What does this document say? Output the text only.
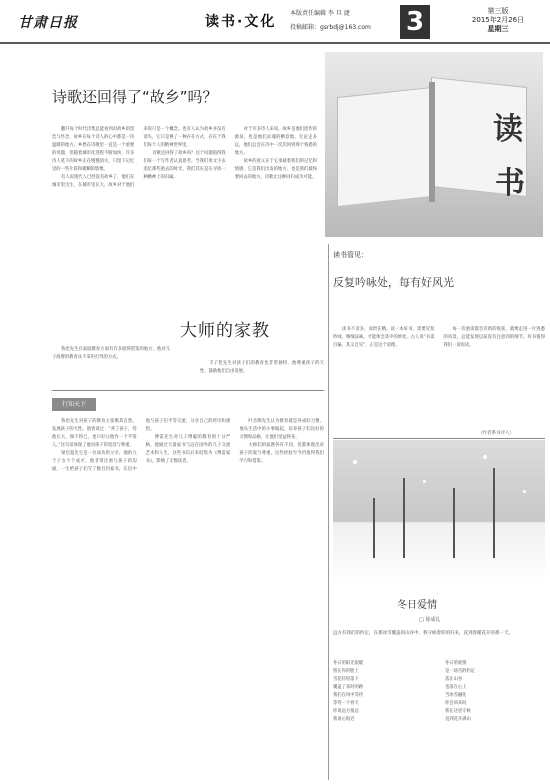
甘肃日报	读书·文化
本版责任编辑 李 旦 捷
投稿邮箱：gsrbdj@163.com 3	第三版
2015年2月26日
星期三
诗歌还回得了“故乡”吗？

翻开每个时代诗集总能看到对故乡的留恋与怀念，故乡在每个诗人的心中都是一块温暖的地方。乡愁在诗歌里一直是一个重要的母题，但随着城市化进程不断加快，许多诗人笔下的故乡正在慢慢消失，只留下记忆里的一些片段和模糊的影像。

有人说现代人已经没有故乡了，他们在城市里出生，在城市里长大，故乡对于他们来说只是一个概念。也有人认为故乡并没有消失，它只是换了一种存在方式，存在于我们每个人的精神世界里。

诗歌还回得了故乡吗？这个问题值得我们每一个写作者认真思考。当我们用文字去追忆那些逝去的时光，我们其实是在寻找一种精神上的归属。

对于许多诗人来说，故乡是他们创作的源泉，也是他们灵魂的栖息地。无论走多远，他们总会在诗中一次次回到那个熟悉的地方。

故乡的意义在于它承载着我们的记忆和情感，它是我们出发的地方，也是我们最终要回去的地方。诗歌让这种回归成为可能。

读
书
读书管见：
反复吟咏处，每有好风光

读书不贪多，而贵在精。读一本好书，需要反复吟咏，细细品味，才能体会其中的妙处。古人说“书读百遍，其义自见”，正是这个道理。

每一次重读都会有新的收获，就像走进一片熟悉的风景，总能发现以前没有注意到的细节。好书值得我们一读再读。

（作者系书评人）

鲁迅先生在家庭教育方面有许多值得借鉴的地方，他对儿子海婴的教育从不采用打骂的方式。

大师的家教

丰子恺先生对孩子们的教育也非常独特，他尊重孩子的天性，鼓励他们自由发展。

行知天下

鲁迅先生对孩子的教育主张顺其自然，发展孩子的天性。他曾说过：“养了孩子，待他长大，倘不得已，也只好让他作一个平常人。”这句话体现了他对孩子的宽容与尊重。

梁启超先生是一位成功的父亲，他的九个子女个个成才。他非常注重与孩子的沟通，一生给孩子们写了数百封家书，在信中他与孩子们平等交流，分享自己的经历和感悟。

傅雷先生对儿子傅聪的教育则十分严格，他通过大量家书与远在国外的儿子交流艺术和人生，这些书信后来结集为《傅雷家书》，影响了无数读者。

叶圣陶先生认为教育就是养成好习惯，他从生活中的小事做起，培养孩子们良好的习惯和品格，让他们受益终身。

大师们的家教各有不同，但都体现出对孩子的爱与尊重，这些经验至今仍值得我们学习和借鉴。

冬日爱情
□ 徐成礼
远方有我们的约定，在那冰雪覆盖的山谷中，我守候着你的归来，直到春暖花开的那一天。
冬日的阳光很暖
照在你的脸上
雪花轻轻落下
覆盖了来时的路
我们在风中等待
等待一个春天
你说远方很远
我说心很近
冬日的爱情
是一场雪的约定
落在山谷
也落在心上
当冰雪融化
你会回来吗
我在这里守候
直到花开满山
